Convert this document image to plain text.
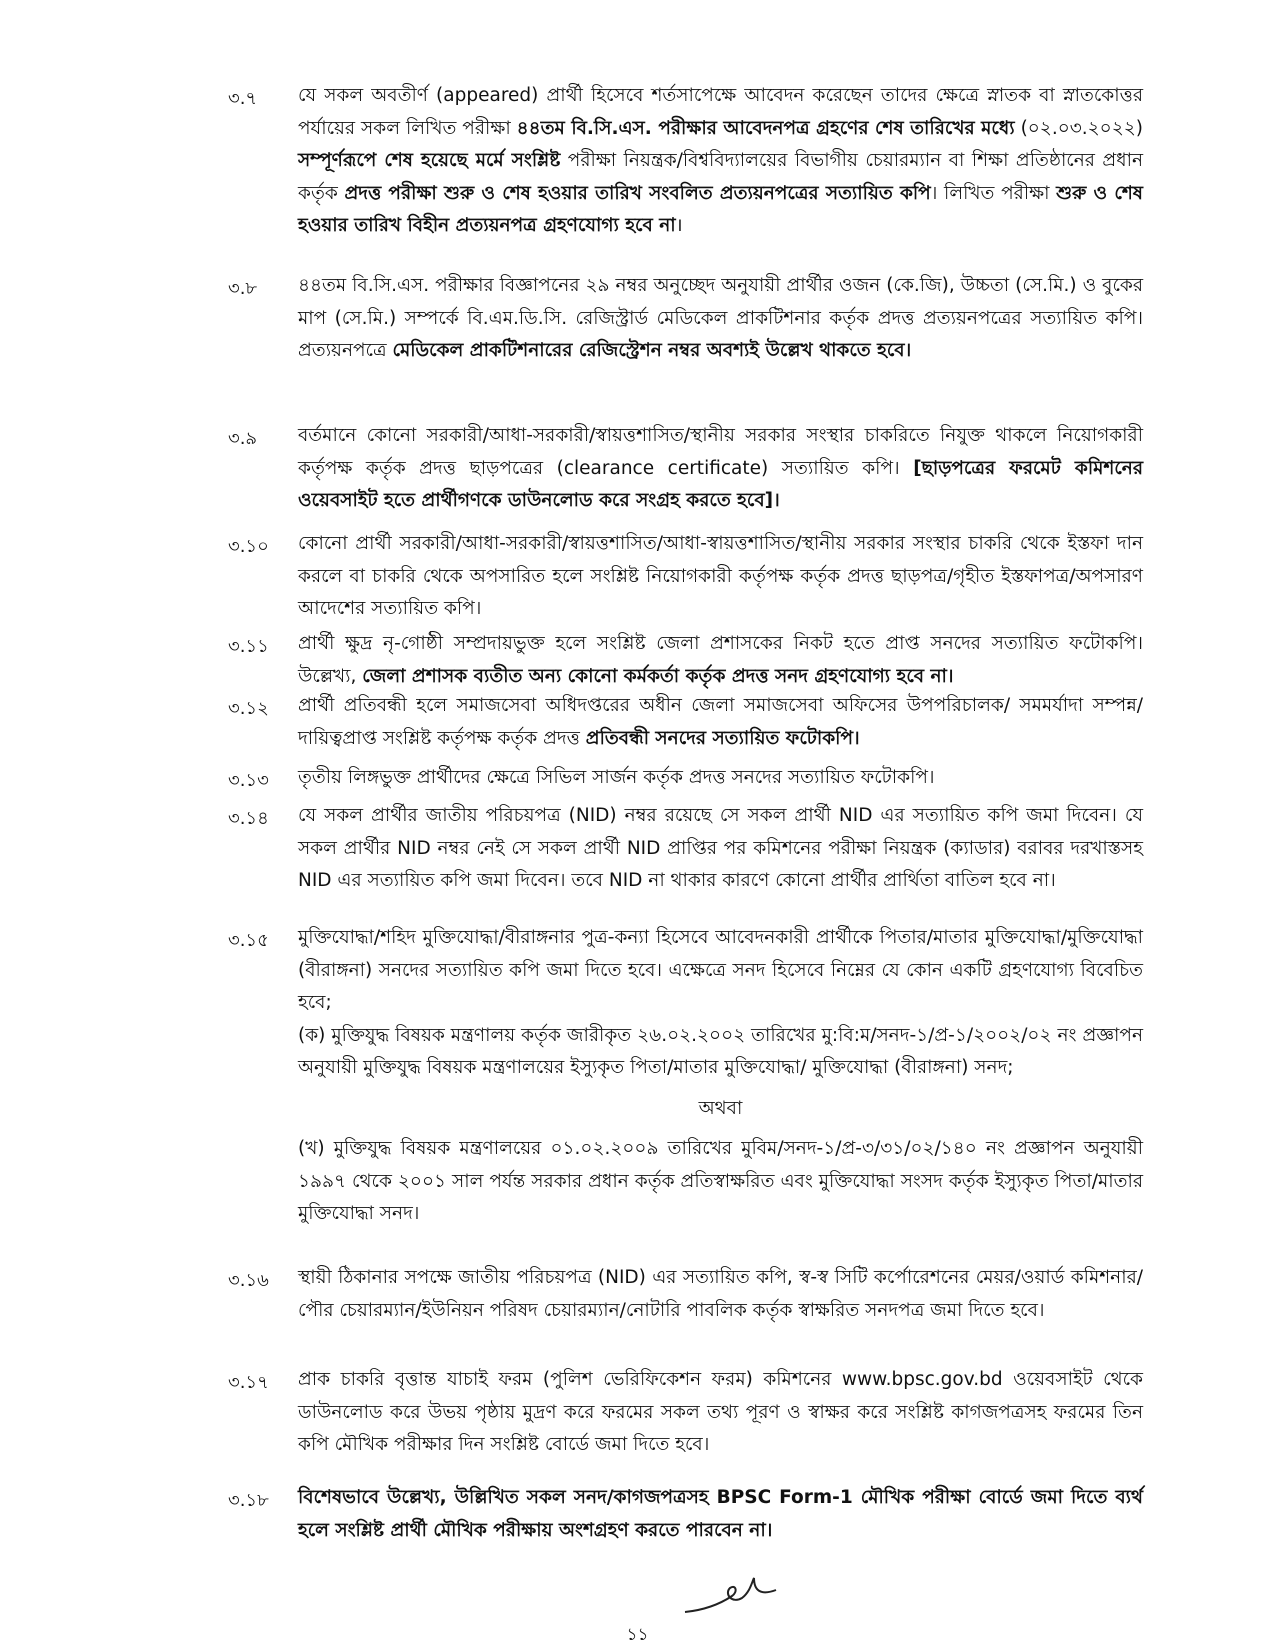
৩.৭	যে সকল অবতীর্ণ (appeared) প্রার্থী হিসেবে শর্তসাপেক্ষে আবেদন করেছেন তাদের ক্ষেত্রে স্নাতক বা স্নাতকোত্তর পর্যায়ের সকল লিখিত পরীক্ষা ৪৪তম বি.সি.এস. পরীক্ষার আবেদনপত্র গ্রহণের শেষ তারিখের মধ্যে (০২.০৩.২০২২) সম্পূর্ণরূপে শেষ হয়েছে মর্মে সংশ্লিষ্ট পরীক্ষা নিয়ন্ত্রক/বিশ্ববিদ্যালয়ের বিভাগীয় চেয়ারম্যান বা শিক্ষা প্রতিষ্ঠানের প্রধান কর্তৃক প্রদত্ত পরীক্ষা শুরু ও শেষ হওয়ার তারিখ সংবলিত প্রত্যয়নপত্রের সত্যায়িত কপি। লিখিত পরীক্ষা শুরু ও শেষ হওয়ার তারিখ বিহীন প্রত্যয়নপত্র গ্রহণযোগ্য হবে না।

৩.৮	৪৪তম বি.সি.এস. পরীক্ষার বিজ্ঞাপনের ২৯ নম্বর অনুচ্ছেদ অনুযায়ী প্রার্থীর ওজন (কে.জি), উচ্চতা (সে.মি.) ও বুকের মাপ (সে.মি.) সম্পর্কে বি.এম.ডি.সি. রেজিস্ট্রার্ড মেডিকেল প্রাকটিশনার কর্তৃক প্রদত্ত প্রত্যয়নপত্রের সত্যায়িত কপি। প্রত্যয়নপত্রে মেডিকেল প্রাকটিশনারের রেজিস্ট্রেশন নম্বর অবশ্যই উল্লেখ থাকতে হবে।

৩.৯	বর্তমানে কোনো সরকারী/আধা-সরকারী/স্বায়ত্তশাসিত/স্থানীয় সরকার সংস্থার চাকরিতে নিযুক্ত থাকলে নিয়োগকারী কর্তৃপক্ষ কর্তৃক প্রদত্ত ছাড়পত্রের (clearance certificate) সত্যায়িত কপি। [ছাড়পত্রের ফরমেট কমিশনের ওয়েবসাইট হতে প্রার্থীগণকে ডাউনলোড করে সংগ্রহ করতে হবে]।

৩.১০	কোনো প্রার্থী সরকারী/আধা-সরকারী/স্বায়ত্তশাসিত/আধা-স্বায়ত্তশাসিত/স্থানীয় সরকার সংস্থার চাকরি থেকে ইস্তফা দান করলে বা চাকরি থেকে অপসারিত হলে সংশ্লিষ্ট নিয়োগকারী কর্তৃপক্ষ কর্তৃক প্রদত্ত ছাড়পত্র/গৃহীত ইস্তফাপত্র/অপসারণ আদেশের সত্যায়িত কপি।

৩.১১	প্রার্থী ক্ষুদ্র নৃ-গোষ্ঠী সম্প্রদায়ভুক্ত হলে সংশ্লিষ্ট জেলা প্রশাসকের নিকট হতে প্রাপ্ত সনদের সত্যায়িত ফটোকপি। উল্লেখ্য, জেলা প্রশাসক ব্যতীত অন্য কোনো কর্মকর্তা কর্তৃক প্রদত্ত সনদ গ্রহণযোগ্য হবে না।

৩.১২	প্রার্থী প্রতিবন্ধী হলে সমাজসেবা অধিদপ্তরের অধীন জেলা সমাজসেবা অফিসের উপপরিচালক/ সমমর্যাদা সম্পন্ন/দায়িত্বপ্রাপ্ত সংশ্লিষ্ট কর্তৃপক্ষ কর্তৃক প্রদত্ত প্রতিবন্ধী সনদের সত্যায়িত ফটোকপি।

৩.১৩	তৃতীয় লিঙ্গভুক্ত প্রার্থীদের ক্ষেত্রে সিভিল সার্জন কর্তৃক প্রদত্ত সনদের সত্যায়িত ফটোকপি।

৩.১৪	যে সকল প্রার্থীর জাতীয় পরিচয়পত্র (NID) নম্বর রয়েছে সে সকল প্রার্থী NID এর সত্যায়িত কপি জমা দিবেন। যে সকল প্রার্থীর NID নম্বর নেই সে সকল প্রার্থী NID প্রাপ্তির পর কমিশনের পরীক্ষা নিয়ন্ত্রক (ক্যাডার) বরাবর দরখাস্তসহ NID এর সত্যায়িত কপি জমা দিবেন। তবে NID না থাকার কারণে কোনো প্রার্থীর প্রার্থিতা বাতিল হবে না।

৩.১৫	মুক্তিযোদ্ধা/শহিদ মুক্তিযোদ্ধা/বীরাঙ্গনার পুত্র-কন্যা হিসেবে আবেদনকারী প্রার্থীকে পিতার/মাতার মুক্তিযোদ্ধা/মুক্তিযোদ্ধা (বীরাঙ্গনা) সনদের সত্যায়িত কপি জমা দিতে হবে। এক্ষেত্রে সনদ হিসেবে নিম্নের যে কোন একটি গ্রহণযোগ্য বিবেচিত হবে;

(ক) মুক্তিযুদ্ধ বিষয়ক মন্ত্রণালয় কর্তৃক জারীকৃত ২৬.০২.২০০২ তারিখের মু:বি:ম/সনদ-১/প্র-১/২০০২/০২ নং প্রজ্ঞাপন অনুযায়ী মুক্তিযুদ্ধ বিষয়ক মন্ত্রণালয়ের ইস্যুকৃত পিতা/মাতার মুক্তিযোদ্ধা/ মুক্তিযোদ্ধা (বীরাঙ্গনা) সনদ;

অথবা

(খ) মুক্তিযুদ্ধ বিষয়ক মন্ত্রণালয়ের ০১.০২.২০০৯ তারিখের মুবিম/সনদ-১/প্র-৩/৩১/০২/১৪০ নং প্রজ্ঞাপন অনুযায়ী ১৯৯৭ থেকে ২০০১ সাল পর্যন্ত সরকার প্রধান কর্তৃক প্রতিস্বাক্ষরিত এবং মুক্তিযোদ্ধা সংসদ কর্তৃক ইস্যুকৃত পিতা/মাতার মুক্তিযোদ্ধা সনদ।

৩.১৬	স্থায়ী ঠিকানার সপক্ষে জাতীয় পরিচয়পত্র (NID) এর সত্যায়িত কপি, স্ব-স্ব সিটি কর্পোরেশনের মেয়র/ওয়ার্ড কমিশনার/পৌর চেয়ারম্যান/ইউনিয়ন পরিষদ চেয়ারম্যান/নোটারি পাবলিক কর্তৃক স্বাক্ষরিত সনদপত্র জমা দিতে হবে।

৩.১৭	প্রাক চাকরি বৃত্তান্ত যাচাই ফরম (পুলিশ ভেরিফিকেশন ফরম) কমিশনের www.bpsc.gov.bd ওয়েবসাইট থেকে ডাউনলোড করে উভয় পৃষ্ঠায় মুদ্রণ করে ফরমের সকল তথ্য পূরণ ও স্বাক্ষর করে সংশ্লিষ্ট কাগজপত্রসহ ফরমের তিন কপি মৌখিক পরীক্ষার দিন সংশ্লিষ্ট বোর্ডে জমা দিতে হবে।

৩.১৮	বিশেষভাবে উল্লেখ্য, উল্লিখিত সকল সনদ/কাগজপত্রসহ BPSC Form-1 মৌখিক পরীক্ষা বোর্ডে জমা দিতে ব্যর্থ হলে সংশ্লিষ্ট প্রার্থী মৌখিক পরীক্ষায় অংশগ্রহণ করতে পারবেন না।

১১
